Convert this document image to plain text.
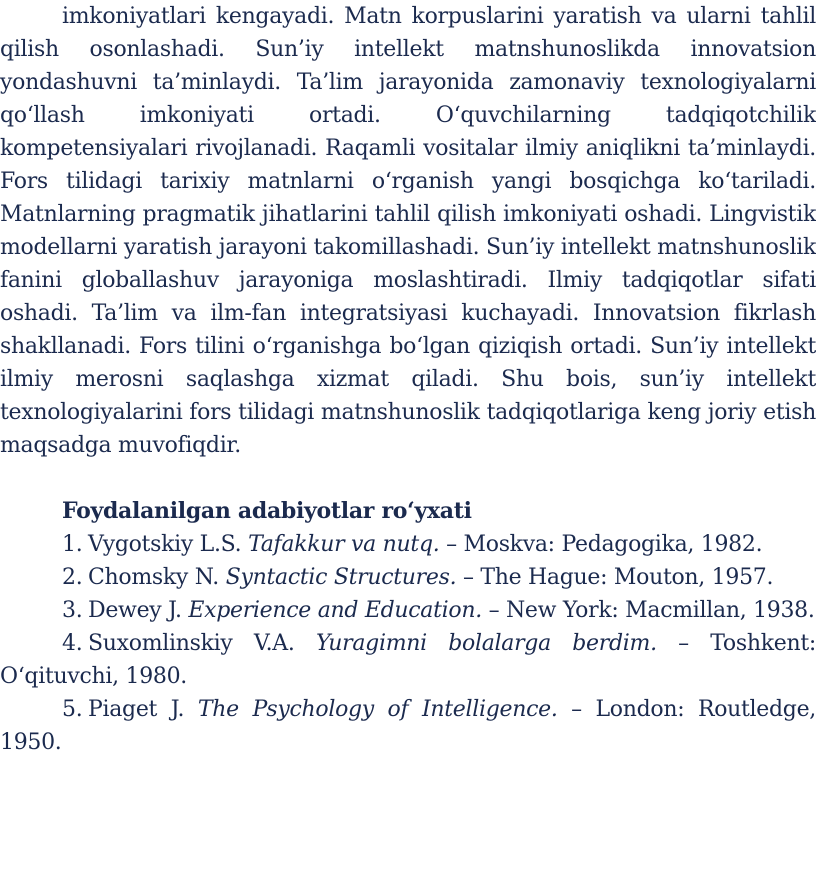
imkoniyatlari kengayadi. Matn korpuslarini yaratish va ularni tahlil qilish osonlashadi. Sun’iy intellekt matnshunoslikda innovatsion yondashuvni ta’minlaydi. Ta’lim jarayonida zamonaviy texnologiyalarni qo‘llash imkoniyati ortadi. O‘quvchilarning tadqiqotchilik kompetensiyalari rivojlanadi. Raqamli vositalar ilmiy aniqlikni ta’minlaydi. Fors tilidagi tarixiy matnlarni o‘rganish yangi bosqichga ko‘tariladi. Matnlarning pragmatik jihatlarini tahlil qilish imkoniyati oshadi. Lingvistik modellarni yaratish jarayoni takomillashadi. Sun’iy intellekt matnshunoslik fanini globallashuv jarayoniga moslashtiradi. Ilmiy tadqiqotlar sifati oshadi. Ta’lim va ilm-fan integratsiyasi kuchayadi. Innovatsion fikrlash shakllanadi. Fors tilini o‘rganishga bo‘lgan qiziqish ortadi. Sun’iy intellekt ilmiy merosni saqlashga xizmat qiladi. Shu bois, sun’iy intellekt texnologiyalarini fors tilidagi matnshunoslik tadqiqotlariga keng joriy etish maqsadga muvofiqdir.

Foydalanilgan adabiyotlar ro‘yxati

1. Vygotskiy L.S. Tafakkur va nutq. – Moskva: Pedagogika, 1982.
2. Chomsky N. Syntactic Structures. – The Hague: Mouton, 1957.
3. Dewey J. Experience and Education. – New York: Macmillan, 1938.
4. Suxomlinskiy V.A. Yuragimni bolalarga berdim. – Toshkent: O‘qituvchi, 1980.
5. Piaget J. The Psychology of Intelligence. – London: Routledge, 1950.
